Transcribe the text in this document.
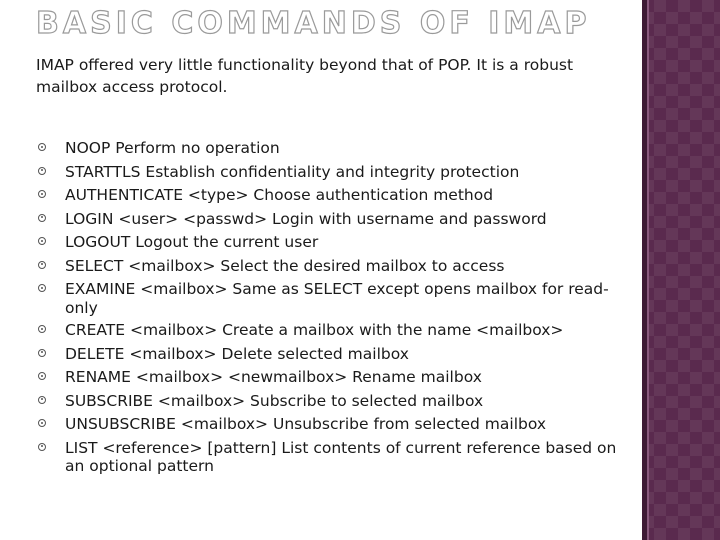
BASIC COMMANDS OF IMAP
IMAP offered very little functionality beyond that of POP. It is a robust mailbox access protocol.
NOOP Perform no operation
STARTTLS Establish confidentiality and integrity protection
AUTHENTICATE <type> Choose authentication method
LOGIN <user> <passwd> Login with username and password
LOGOUT Logout the current user
SELECT <mailbox> Select the desired mailbox to access
EXAMINE <mailbox> Same as SELECT except opens mailbox for read-only
CREATE <mailbox> Create a mailbox with the name <mailbox>
DELETE <mailbox> Delete selected mailbox
RENAME <mailbox> <newmailbox> Rename mailbox
SUBSCRIBE <mailbox> Subscribe to selected mailbox
UNSUBSCRIBE <mailbox> Unsubscribe from selected mailbox
LIST <reference> [pattern] List contents of current reference based on an optional pattern
